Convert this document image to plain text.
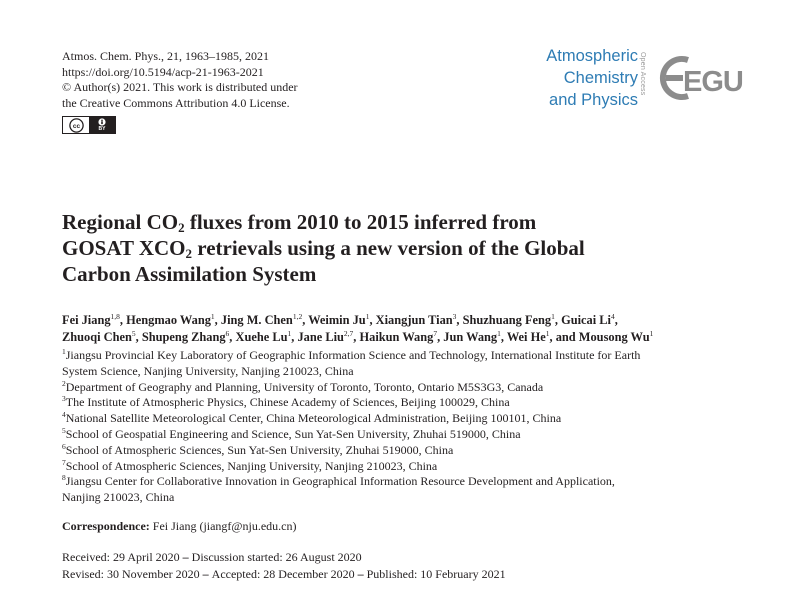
Atmos. Chem. Phys., 21, 1963–1985, 2021
https://doi.org/10.5194/acp-21-1963-2021
© Author(s) 2021. This work is distributed under
the Creative Commons Attribution 4.0 License.
cc	BY
Atmospheric
Chemistry
and Physics
Open Access EGU
Regional $CO_2$ fluxes from 2010 to 2015 inferred from
GOSAT $XCO_2$ retrievals using a new version of the Global
Carbon Assimilation System
Fei Jiang$^{1,8}$, Hengmao Wang$^1$, Jing M. Chen$^{1,2}$, Weimin Ju$^1$, Xiangjun Tian$^3$, Shuzhuang Feng$^1$, Guicai Li$^4$,
Zhuoqi Chen$^5$, Shupeng Zhang$^6$, Xuehe Lu$^1$, Jane Liu$^{2,7}$, Haikun Wang$^7$, Jun Wang$^1$, Wei He$^1$, and Mousong Wu$^1$
$^1$Jiangsu Provincial Key Laboratory of Geographic Information Science and Technology, International Institute for Earth
System Science, Nanjing University, Nanjing 210023, China
$^2$Department of Geography and Planning, University of Toronto, Toronto, Ontario M5S3G3, Canada
$^3$The Institute of Atmospheric Physics, Chinese Academy of Sciences, Beijing 100029, China
$^4$National Satellite Meteorological Center, China Meteorological Administration, Beijing 100101, China
$^5$School of Geospatial Engineering and Science, Sun Yat-Sen University, Zhuhai 519000, China
$^6$School of Atmospheric Sciences, Sun Yat-Sen University, Zhuhai 519000, China
$^7$School of Atmospheric Sciences, Nanjing University, Nanjing 210023, China
$^8$Jiangsu Center for Collaborative Innovation in Geographical Information Resource Development and Application,
Nanjing 210023, China
Correspondence: Fei Jiang (jiangf@nju.edu.cn)
Received: 29 April 2020 – Discussion started: 26 August 2020
Revised: 30 November 2020 – Accepted: 28 December 2020 – Published: 10 February 2021
